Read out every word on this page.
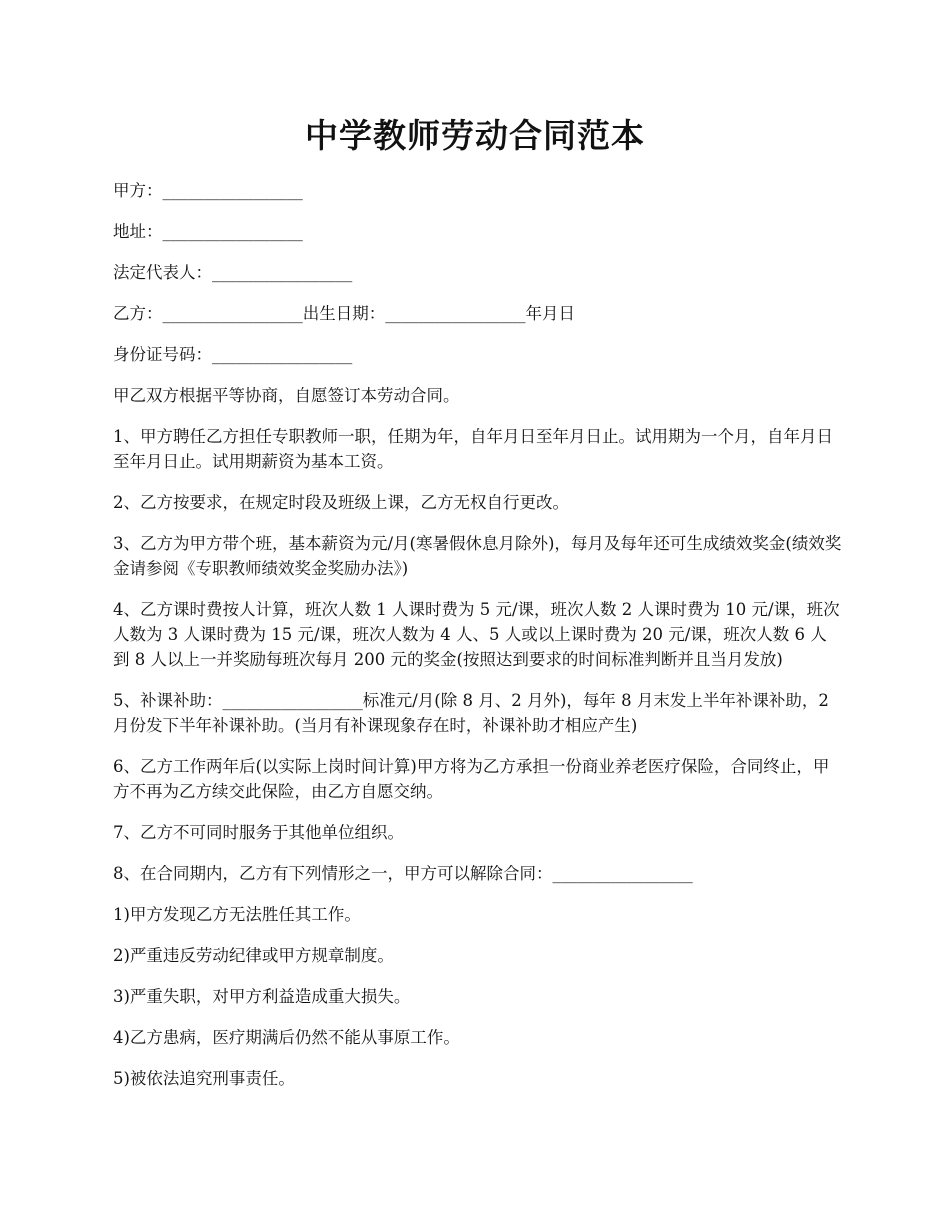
中学教师劳动合同范本

甲方：_________________

地址：_________________

法定代表人：_________________

乙方：_________________出生日期：_________________年月日

身份证号码：_________________

甲乙双方根据平等协商，自愿签订本劳动合同。

1、甲方聘任乙方担任专职教师一职，任期为年，自年月日至年月日止。试用期为一个月，自年月日至年月日止。试用期薪资为基本工资。

2、乙方按要求，在规定时段及班级上课，乙方无权自行更改。

3、乙方为甲方带个班，基本薪资为元/月(寒暑假休息月除外)，每月及每年还可生成绩效奖金(绩效奖金请参阅《专职教师绩效奖金奖励办法》)

4、乙方课时费按人计算，班次人数 1 人课时费为 5 元/课，班次人数 2 人课时费为 10 元/课，班次人数为 3 人课时费为 15 元/课，班次人数为 4 人、5 人或以上课时费为 20 元/课，班次人数 6 人到 8 人以上一并奖励每班次每月 200 元的奖金(按照达到要求的时间标准判断并且当月发放)

5、补课补助：_________________标准元/月(除 8 月、2 月外)，每年 8 月末发上半年补课补助，2 月份发下半年补课补助。(当月有补课现象存在时，补课补助才相应产生)

6、乙方工作两年后(以实际上岗时间计算)甲方将为乙方承担一份商业养老医疗保险，合同终止，甲方不再为乙方续交此保险，由乙方自愿交纳。

7、乙方不可同时服务于其他单位组织。

8、在合同期内，乙方有下列情形之一，甲方可以解除合同：_________________

1)甲方发现乙方无法胜任其工作。

2)严重违反劳动纪律或甲方规章制度。

3)严重失职，对甲方利益造成重大损失。

4)乙方患病，医疗期满后仍然不能从事原工作。

5)被依法追究刑事责任。
